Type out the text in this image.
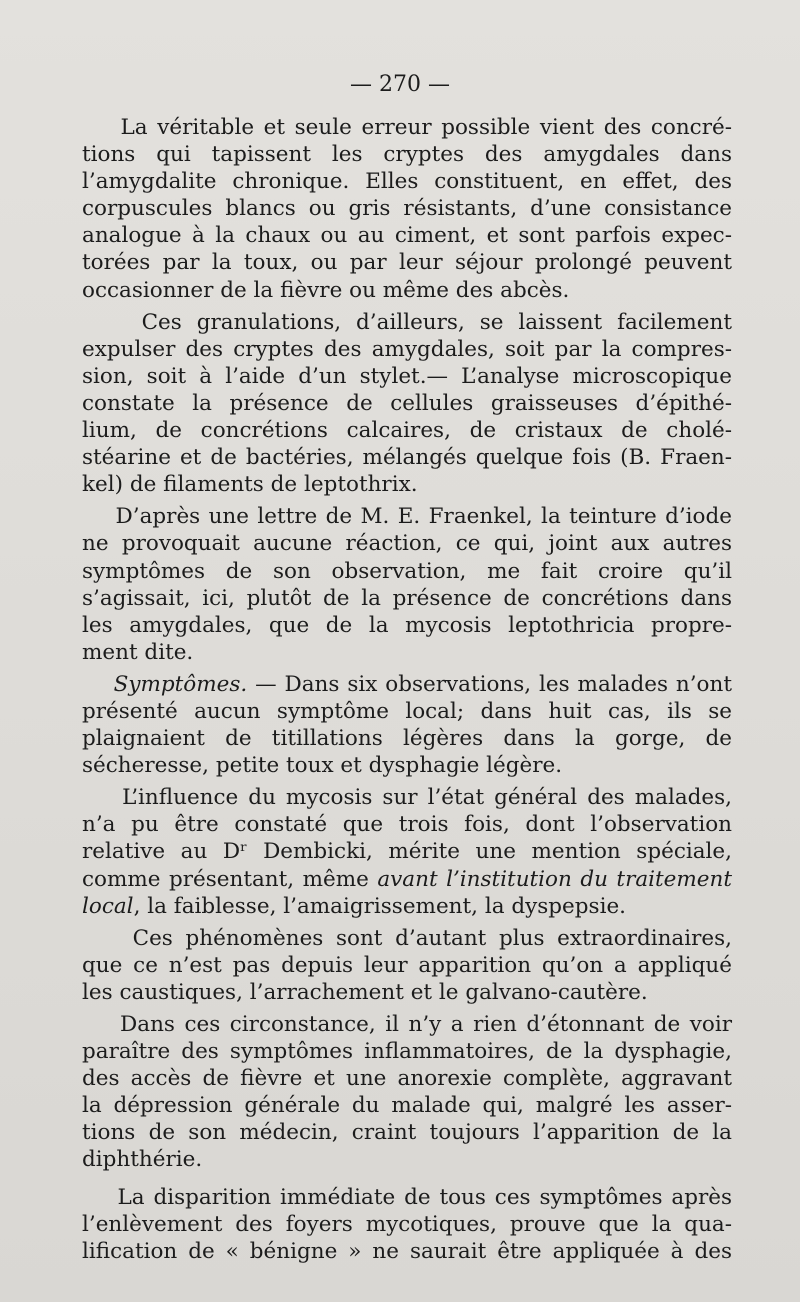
— 270 —

La véritable et seule erreur possible vient des concré-
tions qui tapissent les cryptes des amygdales dans
l’amygdalite chronique. Elles constituent, en effet, des
corpuscules blancs ou gris résistants, d’une consistance
analogue à la chaux ou au ciment, et sont parfois expec-
torées par la toux, ou par leur séjour prolongé peuvent
occasionner de la fièvre ou même des abcès.

Ces granulations, d’ailleurs, se laissent facilement
expulser des cryptes des amygdales, soit par la compres-
sion, soit à l’aide d’un stylet.— L’analyse microscopique
constate la présence de cellules graisseuses d’épithé-
lium, de concrétions calcaires, de cristaux de cholé-
stéarine et de bactéries, mélangés quelque fois (B. Fraen-
kel) de filaments de leptothrix.

D’après une lettre de M. E. Fraenkel, la teinture d’iode
ne provoquait aucune réaction, ce qui, joint aux autres
symptômes de son observation, me fait croire qu’il
s’agissait, ici, plutôt de la présence de concrétions dans
les amygdales, que de la mycosis leptothricia propre-
ment dite.

Symptômes. — Dans six observations, les malades n’ont
présenté aucun symptôme local; dans huit cas, ils se
plaignaient de titillations légères dans la gorge, de
sécheresse, petite toux et dysphagie légère.

L’influence du mycosis sur l’état général des malades,
n’a pu être constaté que trois fois, dont l’observation
relative au Dʳ Dembicki, mérite une mention spéciale,
comme présentant, même avant l’institution du traitement
local, la faiblesse, l’amaigrissement, la dyspepsie.

Ces phénomènes sont d’autant plus extraordinaires,
que ce n’est pas depuis leur apparition qu’on a appliqué
les caustiques, l’arrachement et le galvano-cautère.

Dans ces circonstance, il n’y a rien d’étonnant de voir
paraître des symptômes inflammatoires, de la dysphagie,
des accès de fièvre et une anorexie complète, aggravant
la dépression générale du malade qui, malgré les asser-
tions de son médecin, craint toujours l’apparition de la
diphthérie.

La disparition immédiate de tous ces symptômes après
l’enlèvement des foyers mycotiques, prouve que la qua-
lification de « bénigne » ne saurait être appliquée à des
